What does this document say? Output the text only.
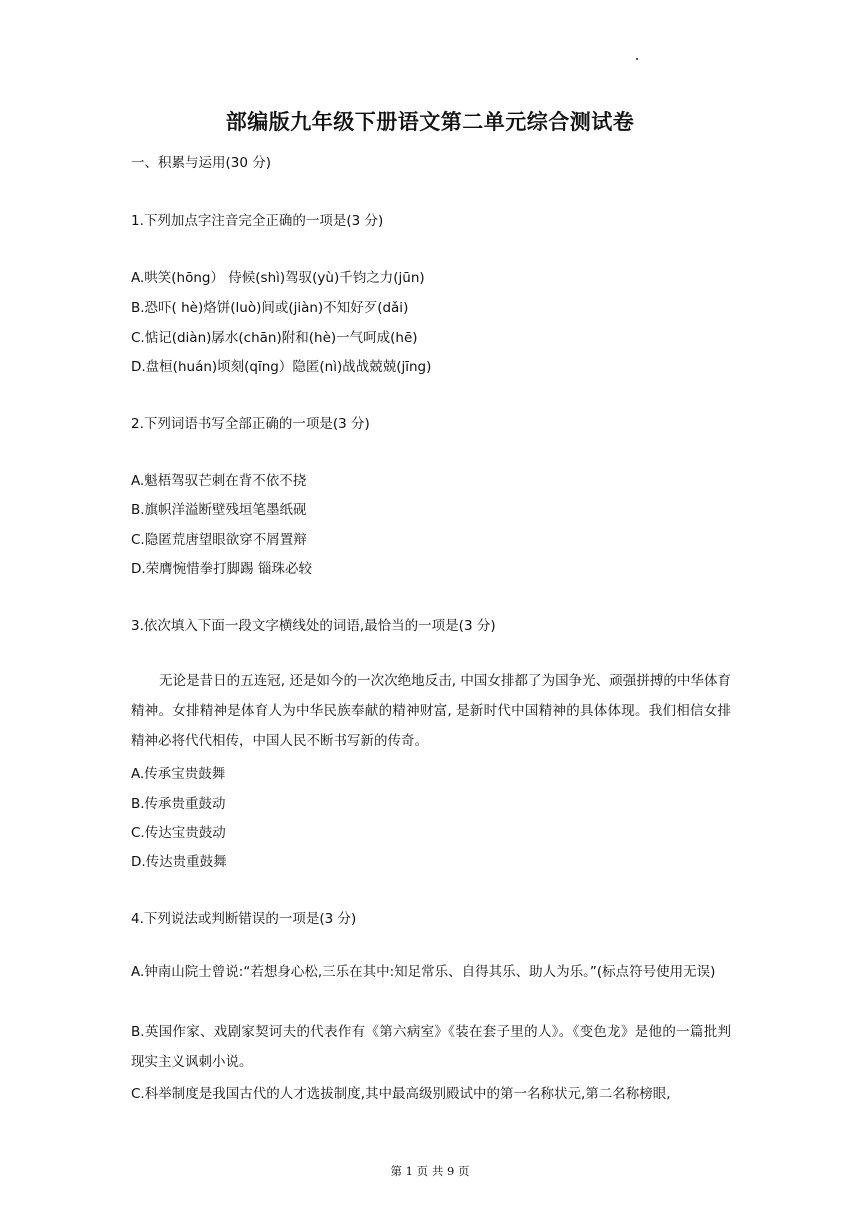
部编版九年级下册语文第二单元综合测试卷
一、积累与运用(30 分)
1.下列加点字注音完全正确的一项是(3 分)
A.哄笑(hōng） 侍候(shì)驾驭(yù)千钧之力(jūn)
B.恐吓( hè)烙饼(luò)间或(jiàn)不知好歹(dǎi)
C.惦记(diàn)孱水(chān)附和(hè)一气呵成(hē)
D.盘桓(huán)顷刻(qīng）隐匿(nì)战战兢兢(jīng)
2.下列词语书写全部正确的一项是(3 分)
A.魁梧驾驭芒刺在背不依不挠
B.旗帜洋溢断壁残垣笔墨纸砚
C.隐匿荒唐望眼欲穿不屑置辩
D.荣膺惋惜拳打脚踢 锱珠必较
3.依次填入下面一段文字横线处的词语,最恰当的一项是(3 分)
无论是昔日的五连冠, 还是如今的一次次绝地反击, 中国女排都了为国争光、顽强拼搏的中华体育精神。女排精神是体育人为中华民族奉献的精神财富, 是新时代中国精神的具体体现。我们相信女排精神必将代代相传，中国人民不断书写新的传奇。
A.传承宝贵鼓舞
B.传承贵重鼓动
C.传达宝贵鼓动
D.传达贵重鼓舞
4.下列说法或判断错误的一项是(3 分)
A.钟南山院士曾说:“若想身心松,三乐在其中:知足常乐、自得其乐、助人为乐。”(标点符号使用无误)
B.英国作家、戏剧家契诃夫的代表作有《第六病室》《装在套子里的人》。《变色龙》是他的一篇批判现实主义讽刺小说。
C.科举制度是我国古代的人才选拔制度,其中最高级别殿试中的第一名称状元,第二名称榜眼,
第 1 页 共 9 页
